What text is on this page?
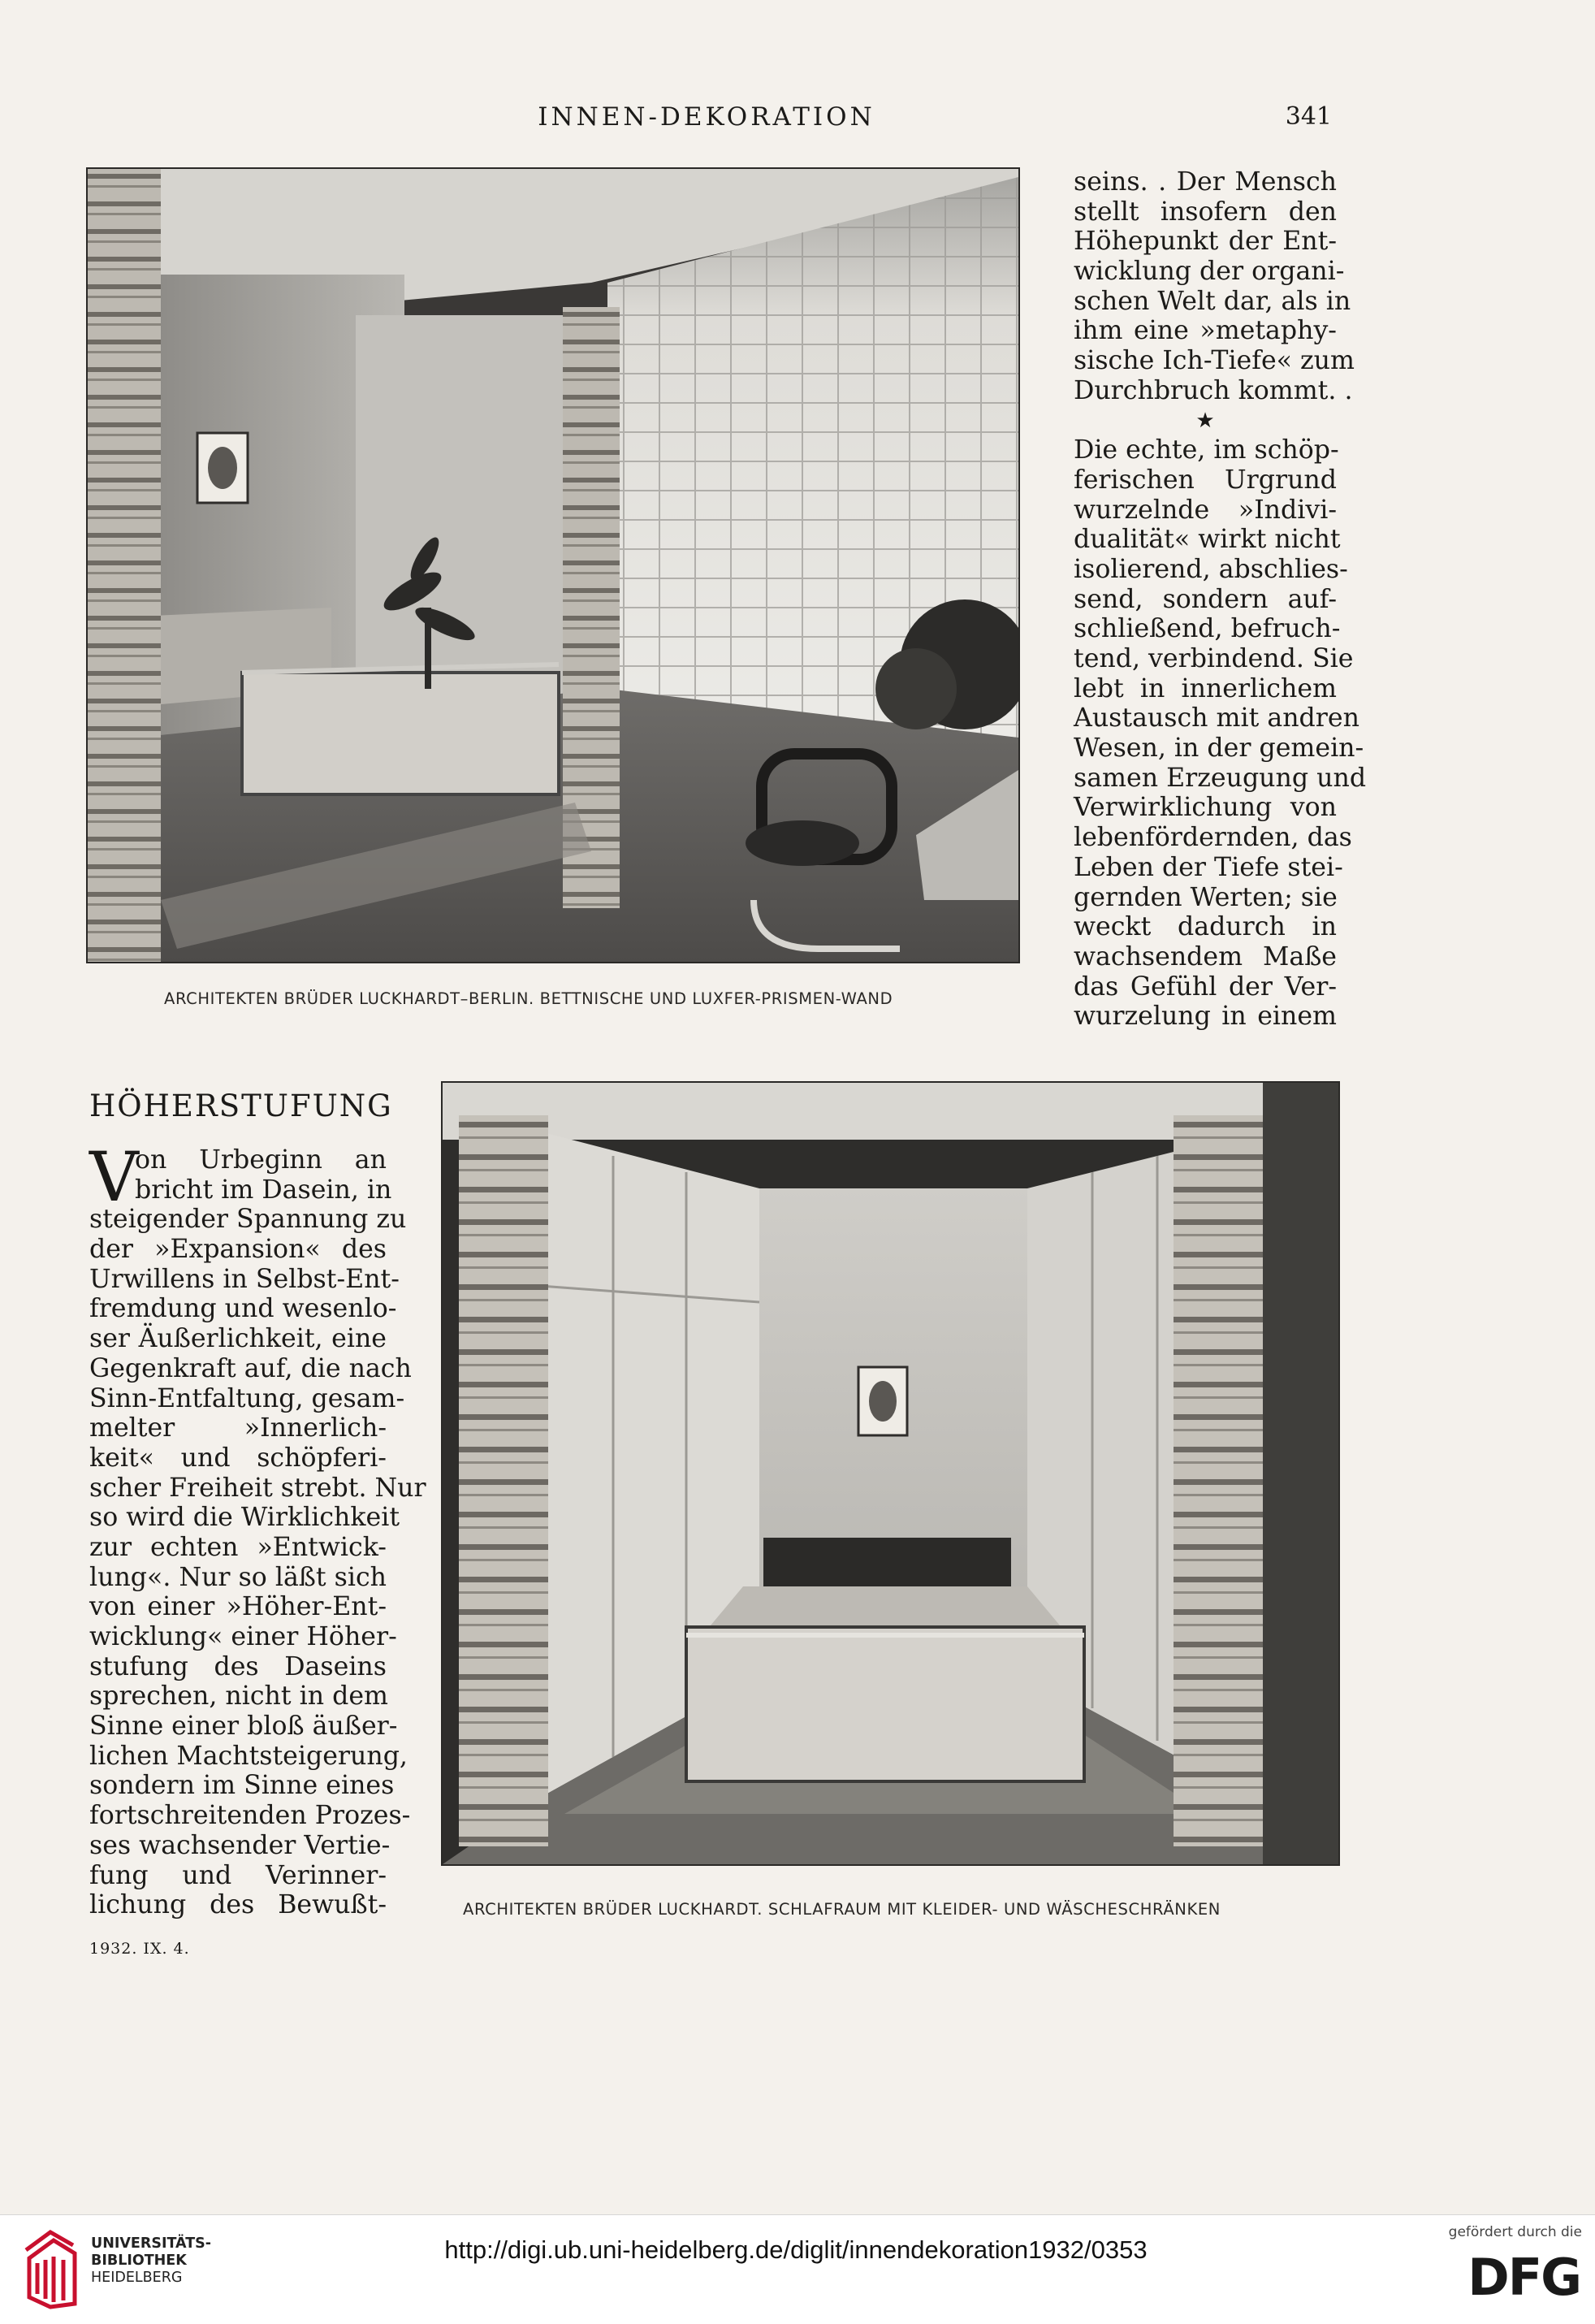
INNEN-DEKORATION	341
ARCHITEKTEN BRÜDER LUCKHARDT–BERLIN. BETTNISCHE UND LUXFER-PRISMEN-WAND
seins. . Der Mensch
stellt insofern den
Höhepunkt der Ent-
wicklung der organi-
schen Welt dar, als in
ihm eine »metaphy-
sische Ich-Tiefe« zum
Durchbruch kommt. .
★
Die echte, im schöp-
ferischen Urgrund
wurzelnde »Indivi-
dualität« wirkt nicht
isolierend, abschlies-
send, sondern auf-
schließend, befruch-
tend, verbindend. Sie
lebt in innerlichem
Austausch mit andren
Wesen, in der gemein-
samen Erzeugung und
Verwirklichung von
lebenfördernden, das
Leben der Tiefe stei-
gernden Werten; sie
weckt dadurch in
wachsendem Maße
das Gefühl der Ver-
wurzelung in einem
HÖHERSTUFUNG
V
on Urbeginn an
bricht im Dasein, in
steigender Spannung zu
der »Expansion« des
Urwillens in Selbst-Ent-
fremdung und wesenlo-
ser Äußerlichkeit, eine
Gegenkraft auf, die nach
Sinn-Entfaltung, gesam-
melter »Innerlich-
keit« und schöpferi-
scher Freiheit strebt. Nur
so wird die Wirklichkeit
zur echten »Entwick-
lung«. Nur so läßt sich
von einer »Höher-Ent-
wicklung« einer Höher-
stufung des Daseins
sprechen, nicht in dem
Sinne einer bloß äußer-
lichen Machtsteigerung,
sondern im Sinne eines
fortschreitenden Prozes-
ses wachsender Vertie-
fung und Verinner-
lichung des Bewußt-	ARCHITEKTEN BRÜDER LUCKHARDT. SCHLAFRAUM MIT KLEIDER- UND WÄSCHESCHRÄNKEN
1932. IX. 4.
UNIVERSITÄTS-
BIBLIOTHEK
HEIDELBERG
http://digi.ub.uni-heidelberg.de/diglit/innendekoration1932/0353
gefördert durch die
DFG
